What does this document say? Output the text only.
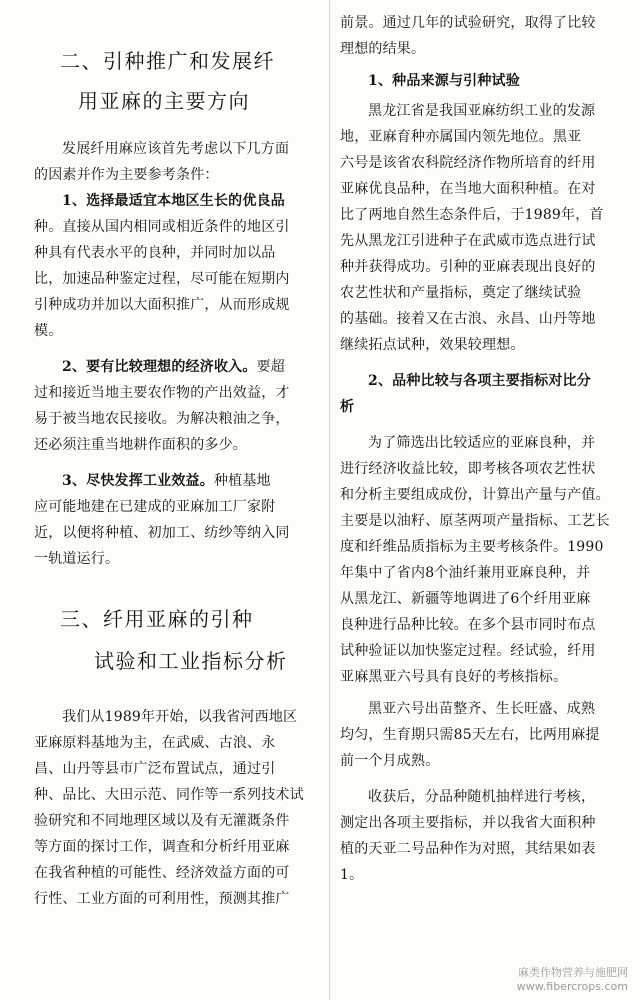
二、引种推广和发展纤
用亚麻的主要方向
发展纤用麻应该首先考虑以下几方面
的因素并作为主要参考条件：
1、选择最适宜本地区生长的优良品
种。直接从国内相同或相近条件的地区引
种具有代表水平的良种，并同时加以品
比，加速品种鉴定过程，尽可能在短期内
引种成功并加以大面积推广，从而形成规
模。
2、要有比较理想的经济收入。要超
过和接近当地主要农作物的产出效益，才
易于被当地农民接收。为解决粮油之争，
还必须注重当地耕作面积的多少。
3、尽快发挥工业效益。种植基地
应可能地建在已建成的亚麻加工厂家附
近，以便将种植、初加工、纺纱等纳入同
一轨道运行。
三、纤用亚麻的引种
试验和工业指标分析
我们从1989年开始，以我省河西地区
亚麻原料基地为主，在武威、古浪、永
昌、山丹等县市广泛布置试点，通过引
种、品比、大田示范、同作等一系列技术试
验研究和不同地理区域以及有无灌溉条件
等方面的探讨工作，调查和分析纤用亚麻
在我省种植的可能性、经济效益方面的可
行性、工业方面的可利用性，预测其推广
前景。通过几年的试验研究，取得了比较
理想的结果。
1、种品来源与引种试验
黑龙江省是我国亚麻纺织工业的发源
地，亚麻育种亦属国内领先地位。黑亚
六号是该省农科院经济作物所培育的纤用
亚麻优良品种，在当地大面积种植。在对
比了两地自然生态条件后，于1989年，首
先从黑龙江引进种子在武威市选点进行试
种并获得成功。引种的亚麻表现出良好的
农艺性状和产量指标，奠定了继续试验
的基础。接着又在古浪、永昌、山丹等地
继续拓点试种，效果较理想。
2、品种比较与各项主要指标对比分
析
为了筛选出比较适应的亚麻良种，并
进行经济收益比较，即考核各项农艺性状
和分析主要组成成份，计算出产量与产值。
主要是以油籽、原茎两项产量指标、工艺长
度和纤维品质指标为主要考核条件。1990
年集中了省内8个油纤兼用亚麻良种，并
从黑龙江、新疆等地调进了6个纤用亚麻
良种进行品种比较。在多个县市同时布点
试种验证以加快鉴定过程。经试验，纤用
亚麻黑亚六号具有良好的考核指标。
黑亚六号出苗整齐、生长旺盛、成熟
均匀，生育期只需85天左右，比两用麻提
前一个月成熟。
收获后，分品种随机抽样进行考核，
测定出各项主要指标，并以我省大面积种
植的天亚二号品种作为对照，其结果如表
1。
麻类作物营养与施肥网
www.fibercrops.com
